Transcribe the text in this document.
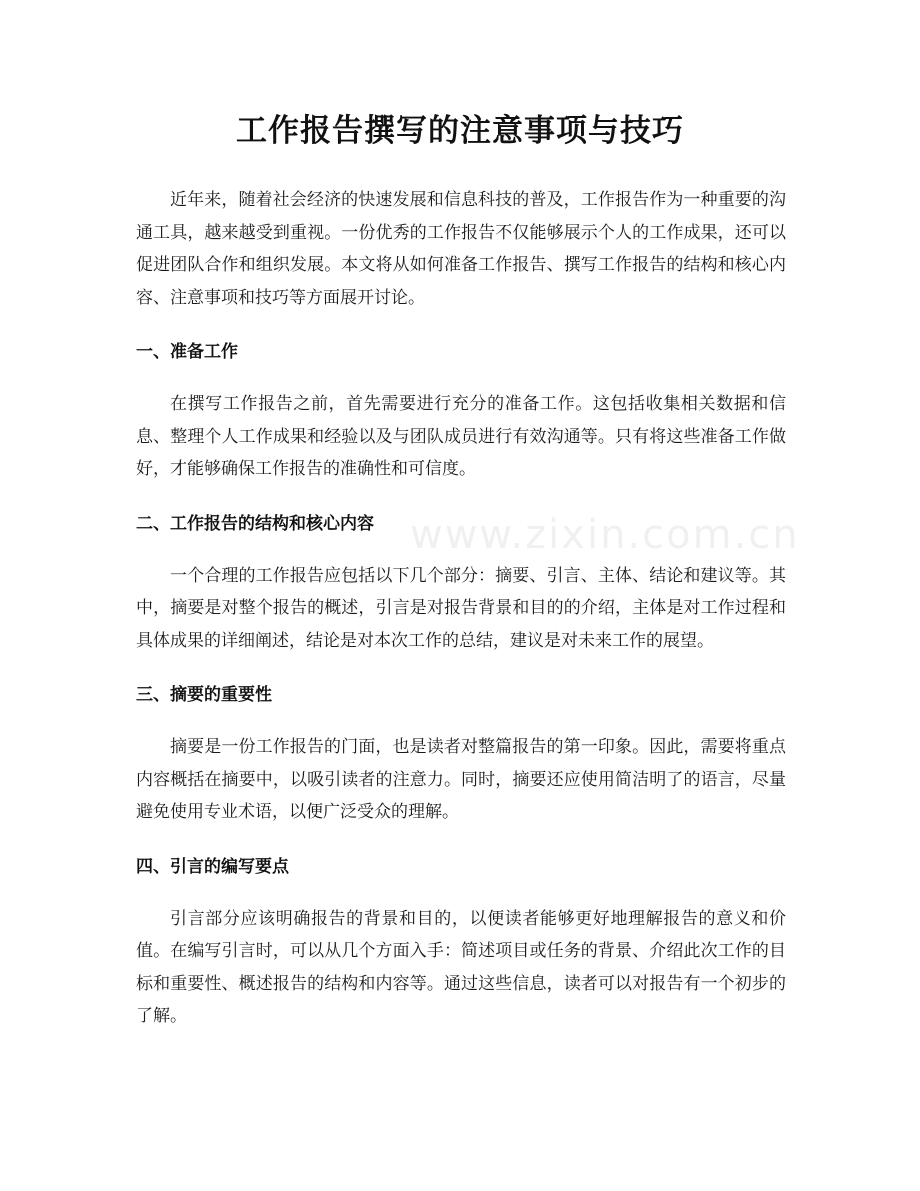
工作报告撰写的注意事项与技巧
www.zixin.com.cn

近年来，随着社会经济的快速发展和信息科技的普及，工作报告作为一种重要的沟通工具，越来越受到重视。一份优秀的工作报告不仅能够展示个人的工作成果，还可以促进团队合作和组织发展。本文将从如何准备工作报告、撰写工作报告的结构和核心内容、注意事项和技巧等方面展开讨论。

一、准备工作

在撰写工作报告之前，首先需要进行充分的准备工作。这包括收集相关数据和信息、整理个人工作成果和经验以及与团队成员进行有效沟通等。只有将这些准备工作做好，才能够确保工作报告的准确性和可信度。

二、工作报告的结构和核心内容

一个合理的工作报告应包括以下几个部分：摘要、引言、主体、结论和建议等。其中，摘要是对整个报告的概述，引言是对报告背景和目的的介绍，主体是对工作过程和具体成果的详细阐述，结论是对本次工作的总结，建议是对未来工作的展望。

三、摘要的重要性

摘要是一份工作报告的门面，也是读者对整篇报告的第一印象。因此，需要将重点内容概括在摘要中，以吸引读者的注意力。同时，摘要还应使用简洁明了的语言，尽量避免使用专业术语，以便广泛受众的理解。

四、引言的编写要点

引言部分应该明确报告的背景和目的，以便读者能够更好地理解报告的意义和价值。在编写引言时，可以从几个方面入手：简述项目或任务的背景、介绍此次工作的目标和重要性、概述报告的结构和内容等。通过这些信息，读者可以对报告有一个初步的了解。
